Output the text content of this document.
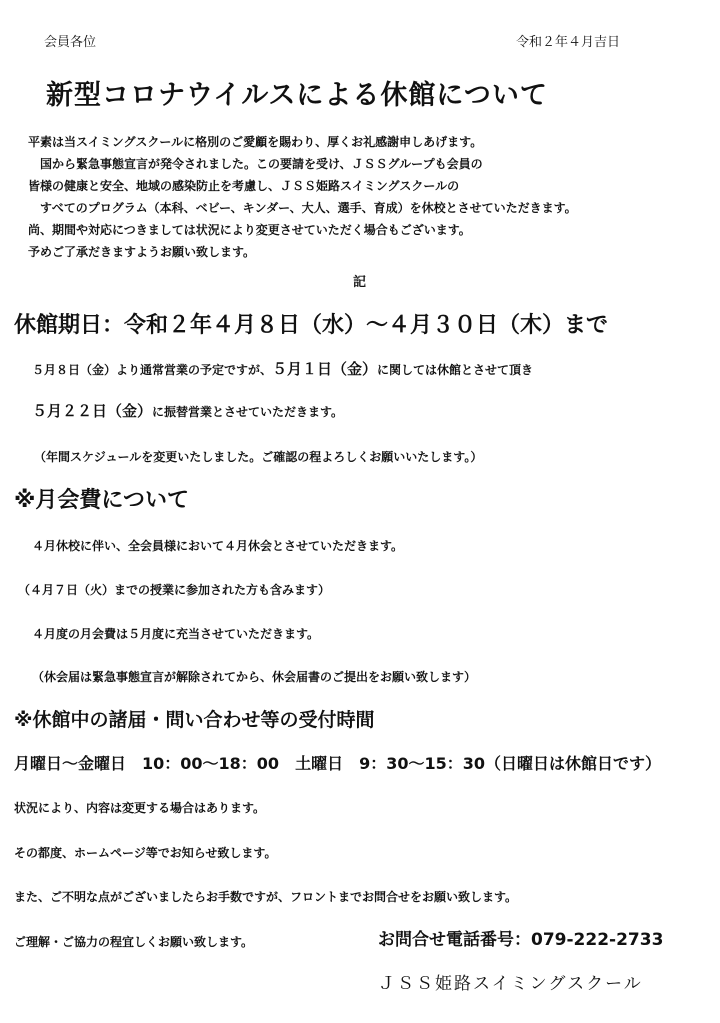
会員各位	令和２年４月吉日

新型コロナウイルスによる休館について

平素は当スイミングスクールに格別のご愛顧を賜わり、厚くお礼感謝申しあげます。

国から緊急事態宣言が発令されました。この要請を受け、ＪＳＳグループも会員の

皆様の健康と安全、地域の感染防止を考慮し、ＪＳＳ姫路スイミングスクールの

すべてのプログラム（本科、ベビー、キンダー、大人、選手、育成）を休校とさせていただきます。

尚、期間や対応につきましては状況により変更させていただく場合もございます。

予めご了承だきますようお願い致します。

記

休館期日：令和２年４月８日（水）～４月３０日（木）まで

５月８日（金）より通常営業の予定ですが、５月１日（金）に関しては休館とさせて頂き

５月２２日（金）に振替営業とさせていただきます。

（年間スケジュールを変更いたしました。ご確認の程よろしくお願いいたします。）

※月会費について

４月休校に伴い、全会員様において４月休会とさせていただきます。

（４月７日（火）までの授業に参加された方も含みます）

４月度の月会費は５月度に充当させていただきます。

（休会届は緊急事態宣言が解除されてから、休会届書のご提出をお願い致します）

※休館中の諸届・問い合わせ等の受付時間

月曜日～金曜日　10：00～18：00　土曜日　9：30～15：30（日曜日は休館日です）

状況により、内容は変更する場合はあります。

その都度、ホームページ等でお知らせ致します。

また、ご不明な点がございましたらお手数ですが、フロントまでお問合せをお願い致します。

ご理解・ご協力の程宜しくお願い致します。	お問合せ電話番号：079-222-2733

ＪＳＳ姫路スイミングスクール
